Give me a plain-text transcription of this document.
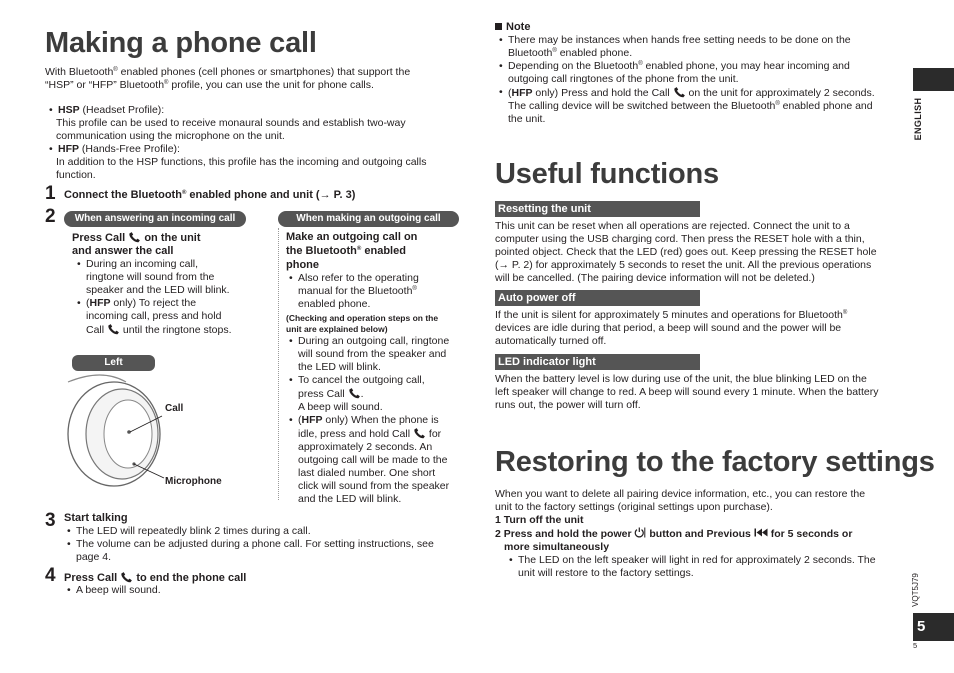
Making a phone call
With Bluetooth® enabled phones (cell phones or smartphones) that support the
“HSP” or “HFP” Bluetooth® profile, you can use the unit for phone calls.
• HSP (Headset Profile):
This profile can be used to receive monaural sounds and establish two-way
communication using the microphone on the unit.
• HFP (Hands-Free Profile):
In addition to the HSP functions, this profile has the incoming and outgoing calls
function.
1 Connect the Bluetooth® enabled phone and unit (→ P. 3)
2	When answering an incoming call	When making an outgoing call
Press Call  on the unit
and answer the call
• During an incoming call,
ringtone will sound from the
speaker and the LED will blink.
• (HFP only) To reject the
incoming call, press and hold
Call  until the ringtone stops.
Make an outgoing call on
the Bluetooth® enabled
phone
• Also refer to the operating
manual for the Bluetooth®
enabled phone.
(Checking and operation steps on the
unit are explained below)
• During an outgoing call, ringtone
will sound from the speaker and
the LED will blink.
• To cancel the outgoing call,
press Call .
A beep will sound.
• (HFP only) When the phone is
idle, press and hold Call  for
approximately 2 seconds. An
outgoing call will be made to the
last dialed number. One short
click will sound from the speaker
and the LED will blink.
Left
Call
Microphone
3 Start talking
• The LED will repeatedly blink 2 times during a call.
• The volume can be adjusted during a phone call. For setting instructions, see
page 4.
4 Press Call  to end the phone call
• A beep will sound.
Note
• There may be instances when hands free setting needs to be done on the
Bluetooth® enabled phone.
• Depending on the Bluetooth® enabled phone, you may hear incoming and
outgoing call ringtones of the phone from the unit.
• (HFP only) Press and hold the Call  on the unit for approximately 2 seconds.
The calling device will be switched between the Bluetooth® enabled phone and
the unit.
Useful functions
Resetting the unit
This unit can be reset when all operations are rejected. Connect the unit to a
computer using the USB charging cord. Then press the RESET hole with a thin,
pointed object. Check that the LED (red) goes out. Keep pressing the RESET hole
(→ P. 2) for approximately 5 seconds to reset the unit. All the previous operations
will be cancelled. (The pairing device information will not be deleted.)
Auto power off
If the unit is silent for approximately 5 minutes and operations for Bluetooth®
devices are idle during that period, a beep will sound and the power will be
automatically turned off.
LED indicator light
When the battery level is low during use of the unit, the blue blinking LED on the
left speaker will change to red. A beep will sound every 1 minute. When the battery
runs out, the power will turn off.
Restoring to the factory settings
When you want to delete all pairing device information, etc., you can restore the
unit to the factory settings (original settings upon purchase).
1 Turn off the unit
2 Press and hold the power  button and Previous  for 5 seconds or
more simultaneously
• The LED on the left speaker will light in red for approximately 2 seconds. The
unit will restore to the factory settings.
ENGLISH
VQT5J79
5
5
